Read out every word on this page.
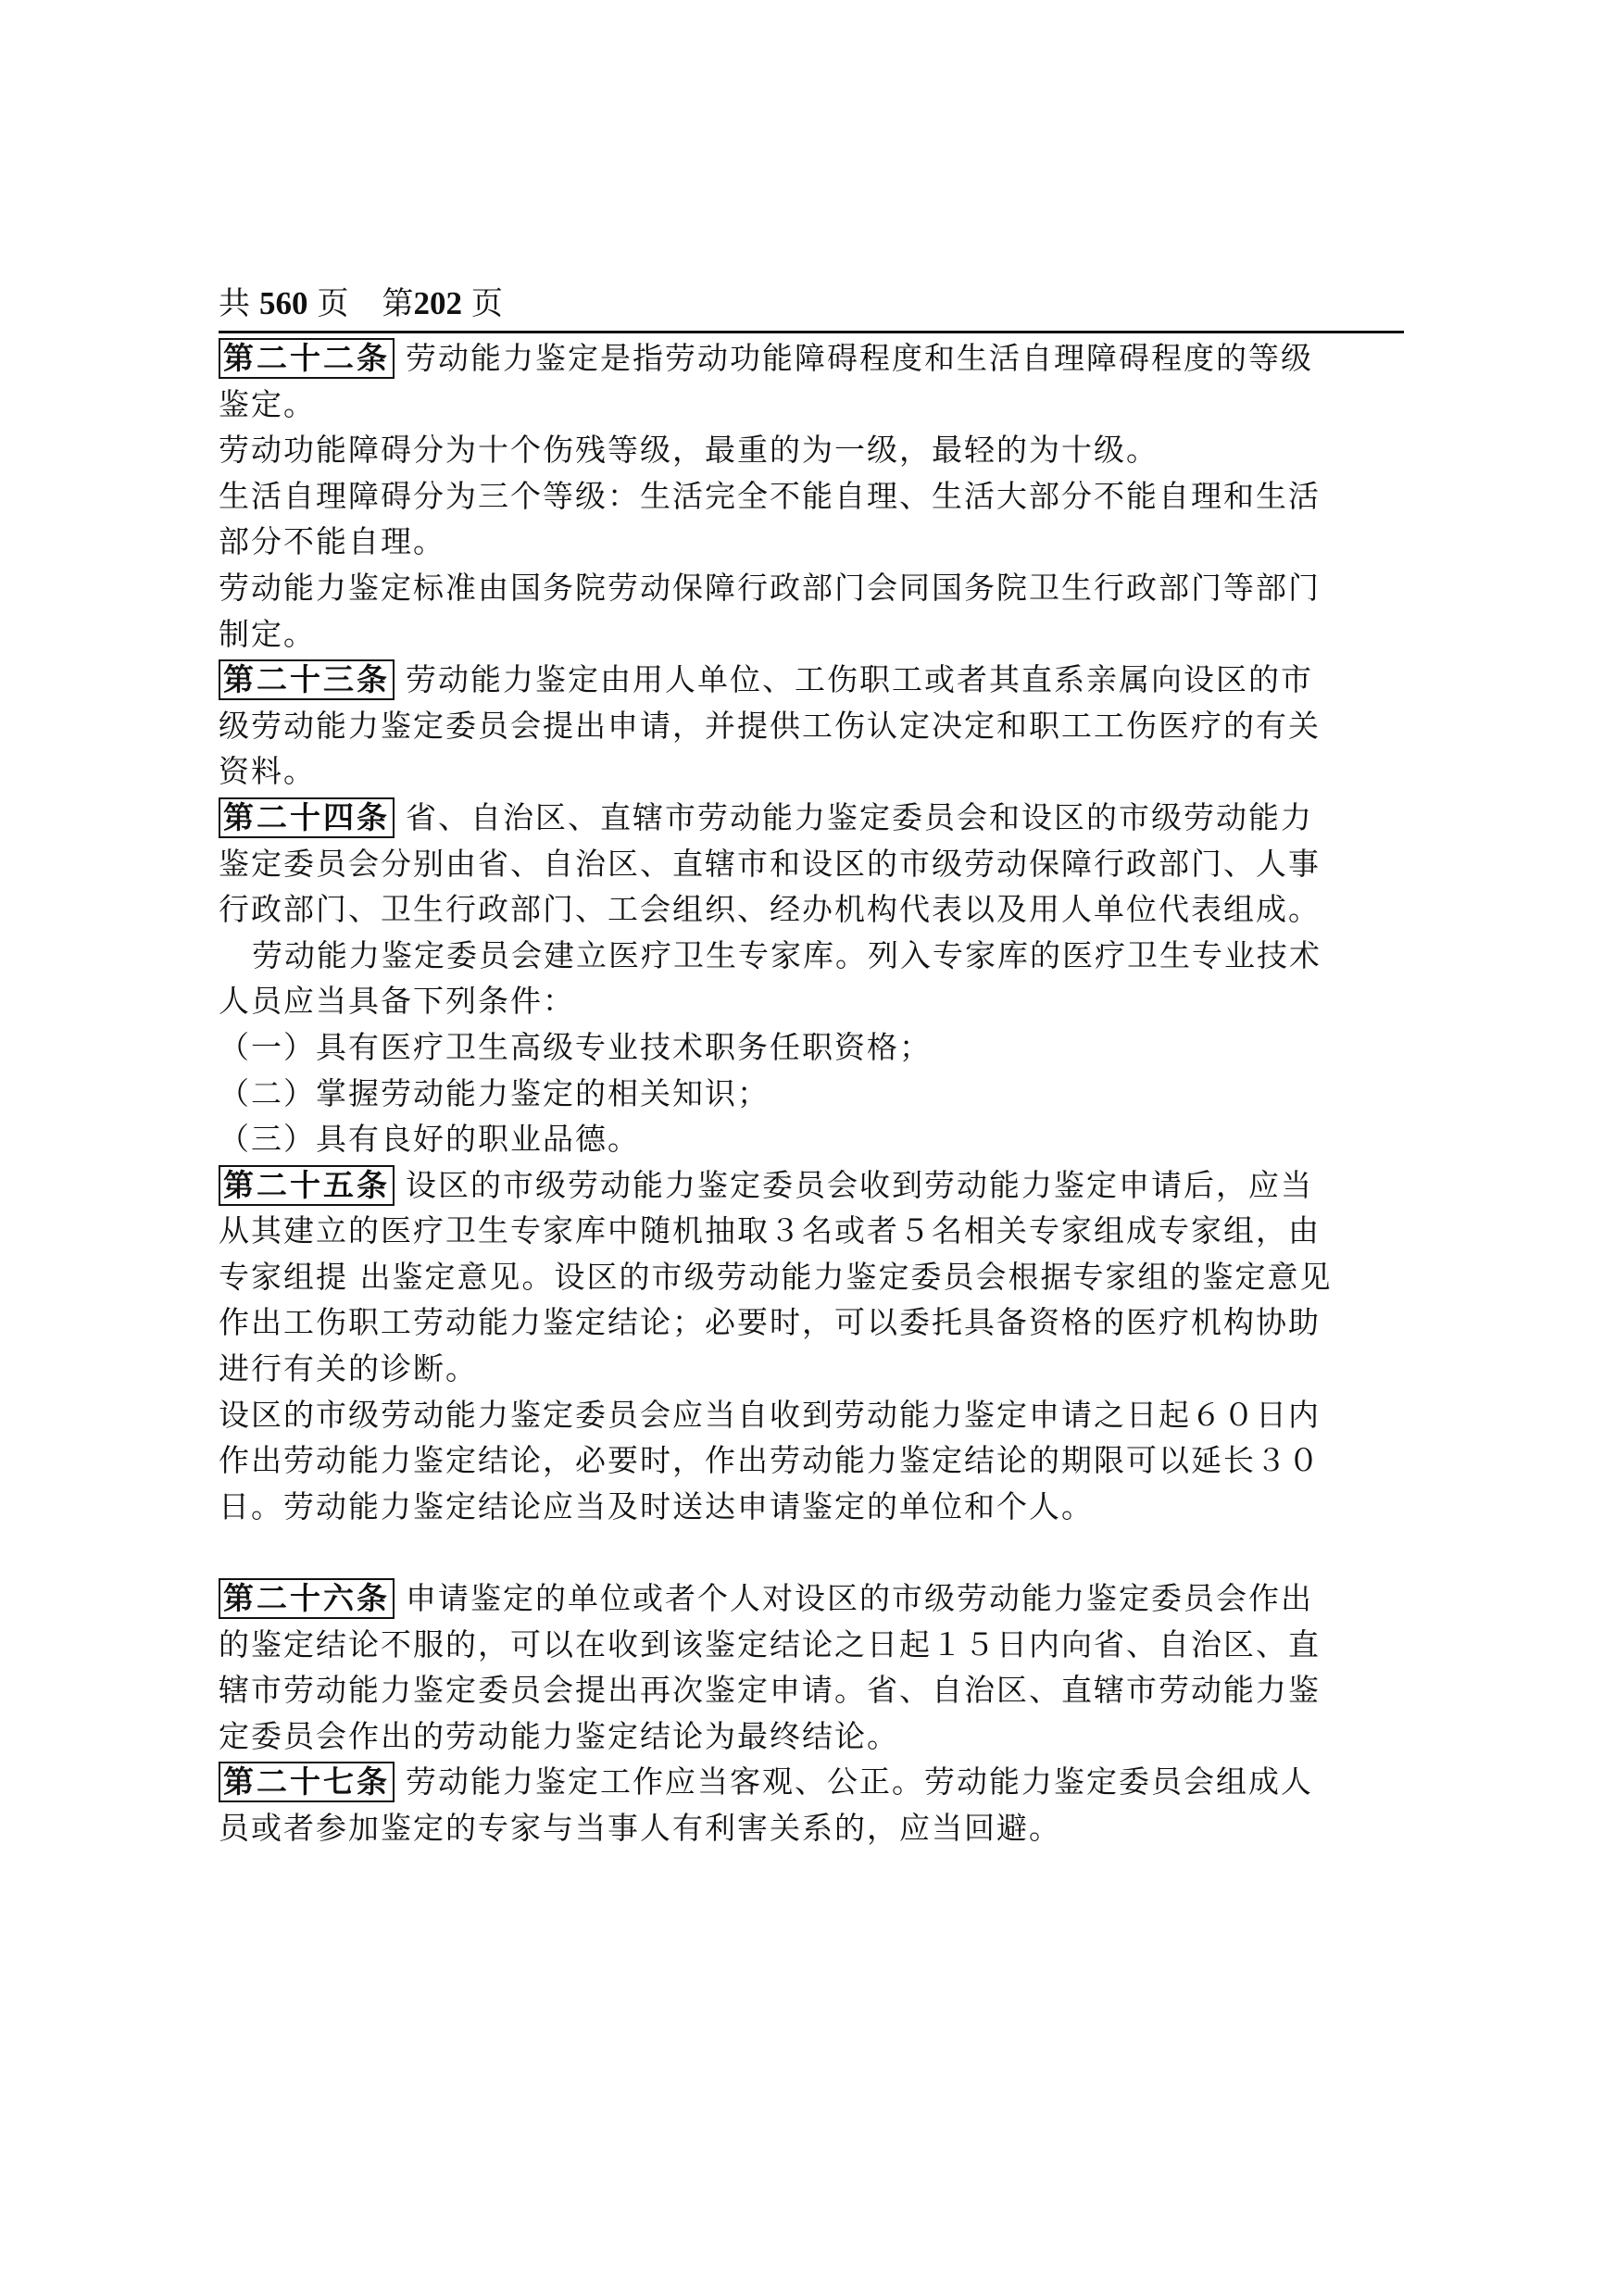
共 560 页 第202 页
第二十二条 劳动能力鉴定是指劳动功能障碍程度和生活自理障碍程度的等级
鉴定。
劳动功能障碍分为十个伤残等级，最重的为一级，最轻的为十级。
生活自理障碍分为三个等级：生活完全不能自理、生活大部分不能自理和生活
部分不能自理。
劳动能力鉴定标准由国务院劳动保障行政部门会同国务院卫生行政部门等部门
制定。
第二十三条 劳动能力鉴定由用人单位、工伤职工或者其直系亲属向设区的市
级劳动能力鉴定委员会提出申请，并提供工伤认定决定和职工工伤医疗的有关
资料。
第二十四条 省、自治区、直辖市劳动能力鉴定委员会和设区的市级劳动能力
鉴定委员会分别由省、自治区、直辖市和设区的市级劳动保障行政部门、人事
行政部门、卫生行政部门、工会组织、经办机构代表以及用人单位代表组成。
劳动能力鉴定委员会建立医疗卫生专家库。列入专家库的医疗卫生专业技术
人员应当具备下列条件：
（一）具有医疗卫生高级专业技术职务任职资格；
（二）掌握劳动能力鉴定的相关知识；
（三）具有良好的职业品德。
第二十五条 设区的市级劳动能力鉴定委员会收到劳动能力鉴定申请后，应当
从其建立的医疗卫生专家库中随机抽取３名或者５名相关专家组成专家组，由
专家组提 出鉴定意见。设区的市级劳动能力鉴定委员会根据专家组的鉴定意见
作出工伤职工劳动能力鉴定结论；必要时，可以委托具备资格的医疗机构协助
进行有关的诊断。
设区的市级劳动能力鉴定委员会应当自收到劳动能力鉴定申请之日起６０日内
作出劳动能力鉴定结论，必要时，作出劳动能力鉴定结论的期限可以延长３０
日。劳动能力鉴定结论应当及时送达申请鉴定的单位和个人。
第二十六条 申请鉴定的单位或者个人对设区的市级劳动能力鉴定委员会作出
的鉴定结论不服的，可以在收到该鉴定结论之日起１５日内向省、自治区、直
辖市劳动能力鉴定委员会提出再次鉴定申请。省、自治区、直辖市劳动能力鉴
定委员会作出的劳动能力鉴定结论为最终结论。
第二十七条 劳动能力鉴定工作应当客观、公正。劳动能力鉴定委员会组成人
员或者参加鉴定的专家与当事人有利害关系的，应当回避。
